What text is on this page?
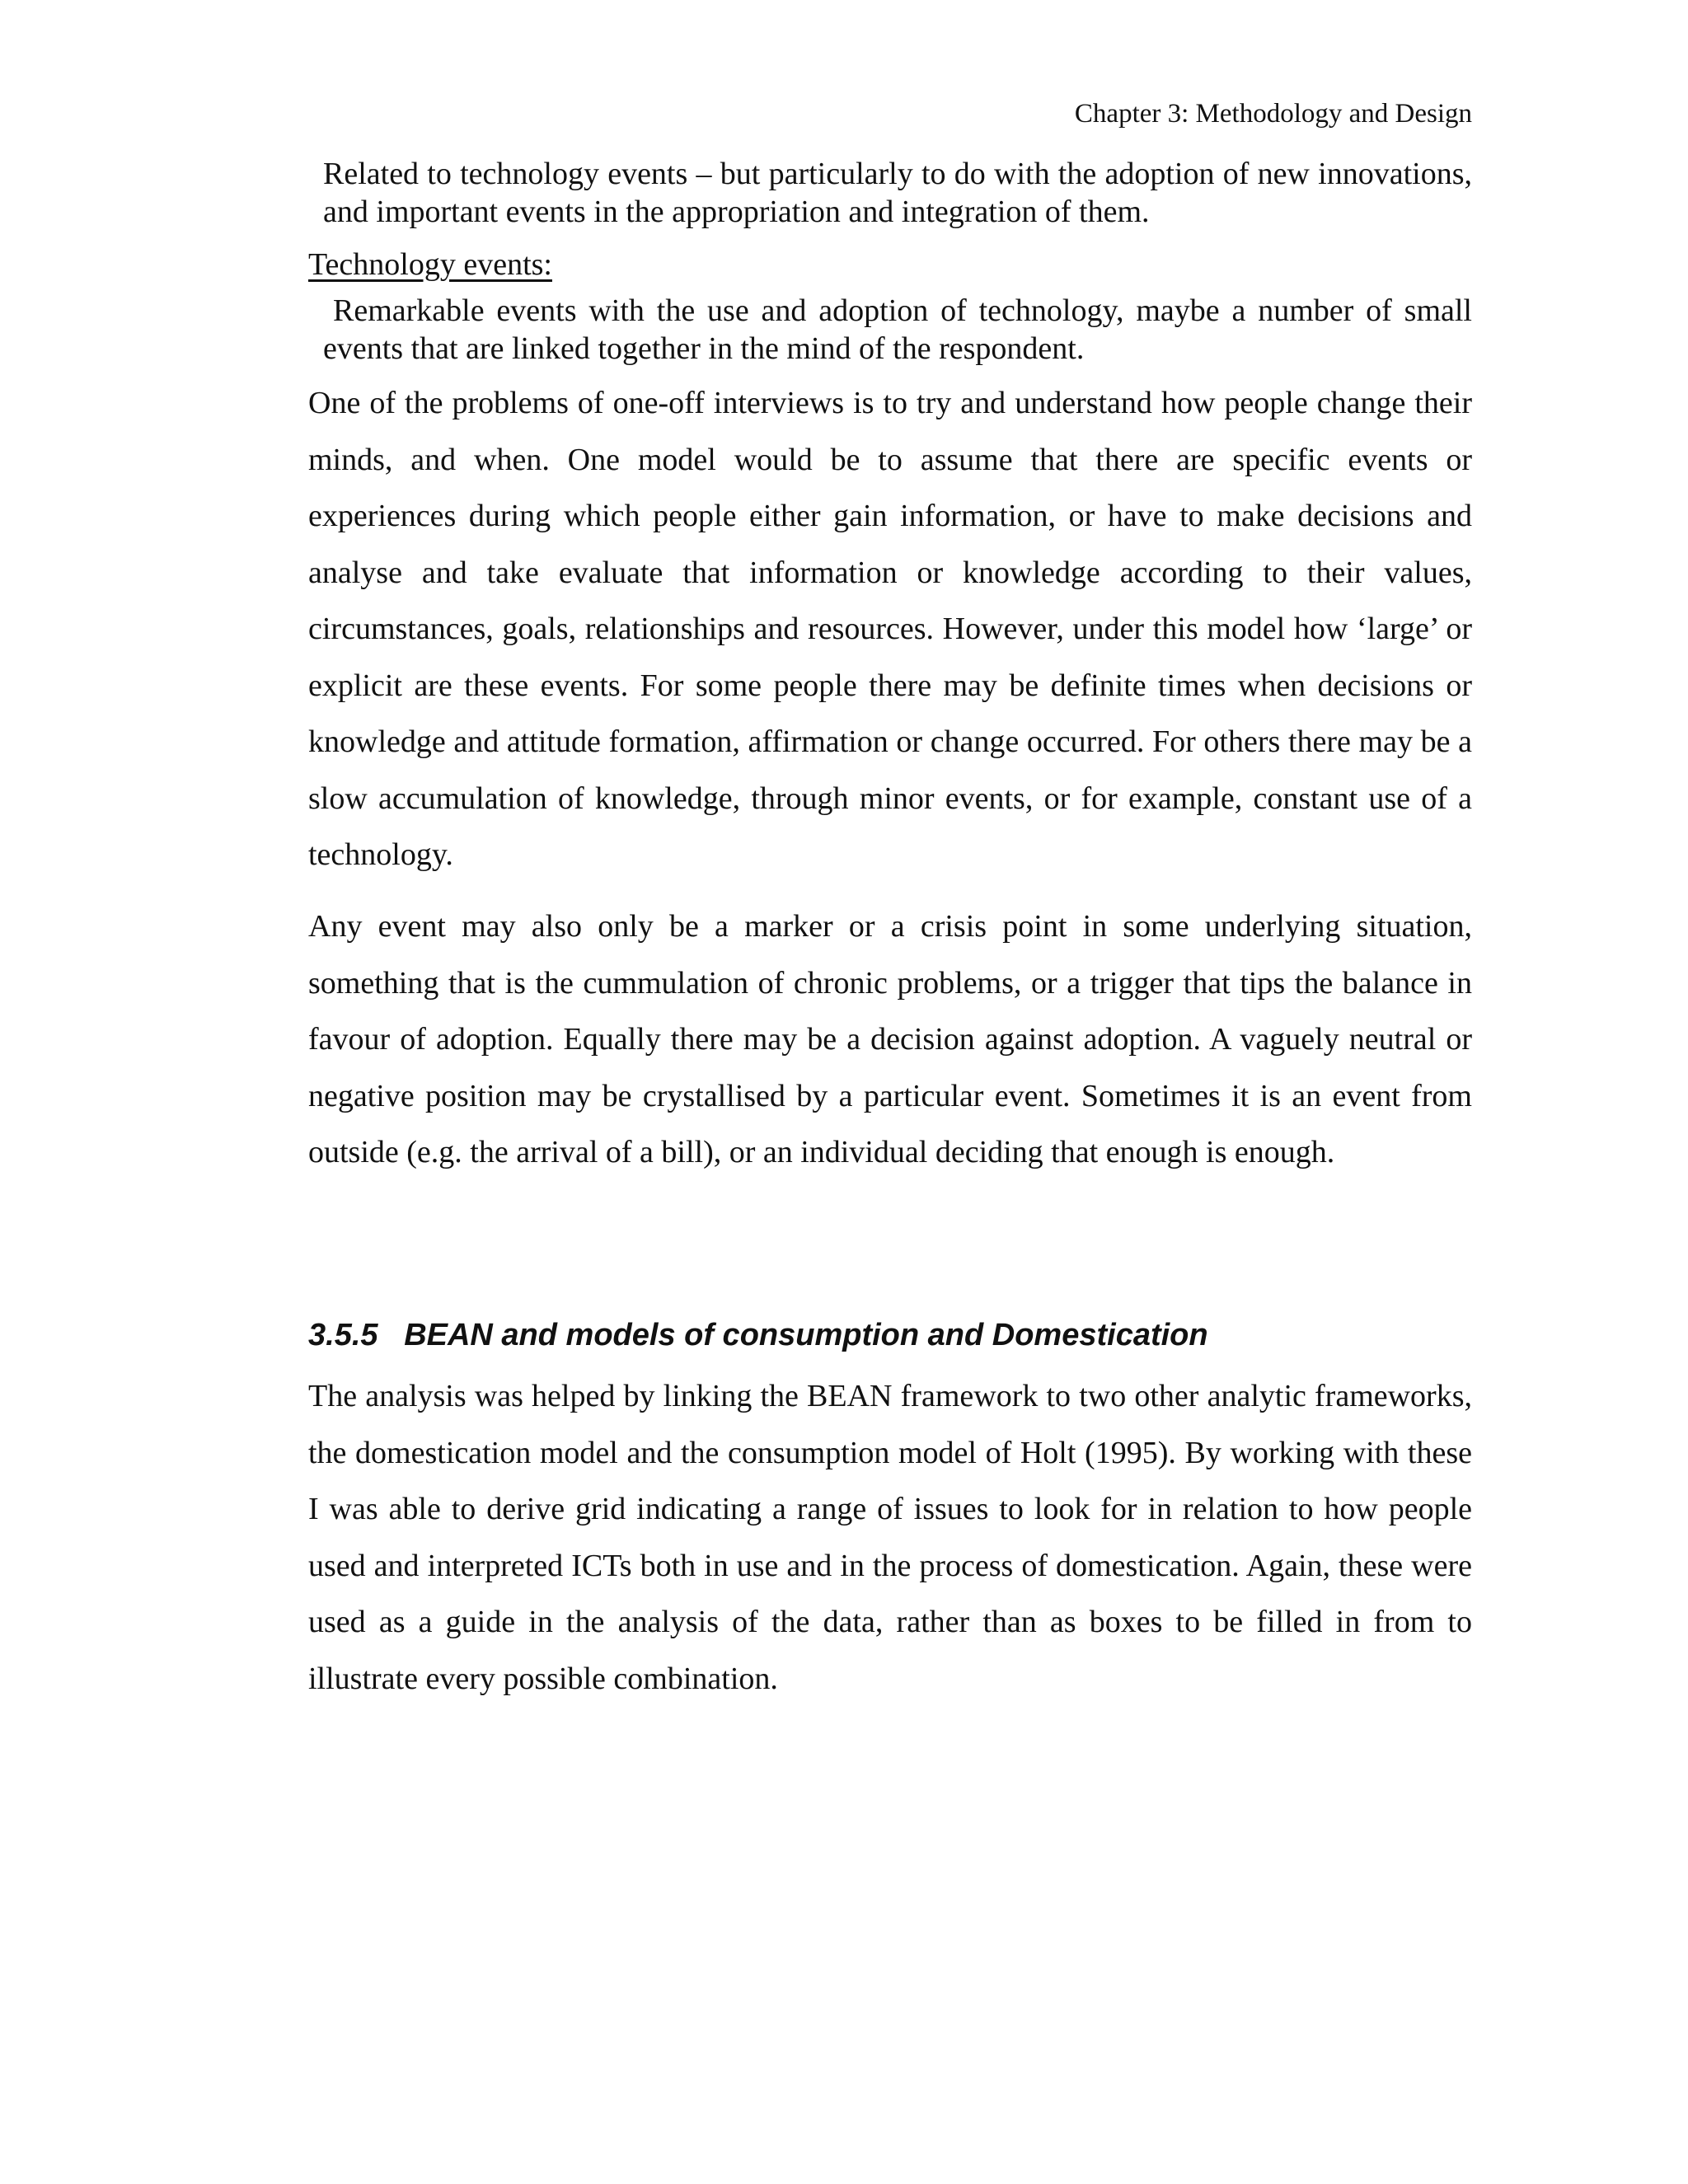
Chapter 3: Methodology and Design
Related to technology events – but particularly to do with the adoption of new innovations, and important events in the appropriation and integration of them.
Technology events:
Remarkable events with the use and adoption of technology, maybe a number of small events that are linked together in the mind of the respondent.
One of the problems of one-off interviews is to try and understand how people change their minds, and when. One model would be to assume that there are specific events or experiences during which people either gain information, or have to make decisions and analyse and take evaluate that information or knowledge according to their values, circumstances, goals, relationships and resources. However, under this model how ‘large’ or explicit are these events. For some people there may be definite times when decisions or knowledge and attitude formation, affirmation or change occurred. For others there may be a slow accumulation of knowledge, through minor events, or for example, constant use of a technology.
Any event may also only be a marker or a crisis point in some underlying situation, something that is the cummulation of chronic problems, or a trigger that tips the balance in favour of adoption. Equally there may be a decision against adoption. A vaguely neutral or negative position may be crystallised by a particular event. Sometimes it is an event from outside (e.g. the arrival of a bill), or an individual deciding that enough is enough.
3.5.5   BEAN and models of consumption and Domestication
The analysis was helped by linking the BEAN framework to two other analytic frameworks, the domestication model and the consumption model of Holt (1995). By working with these I was able to derive grid indicating a range of issues to look for in relation to how people used and interpreted ICTs both in use and in the process of domestication. Again, these were used as a guide in the analysis of the data, rather than as boxes to be filled in from to illustrate every possible combination.
